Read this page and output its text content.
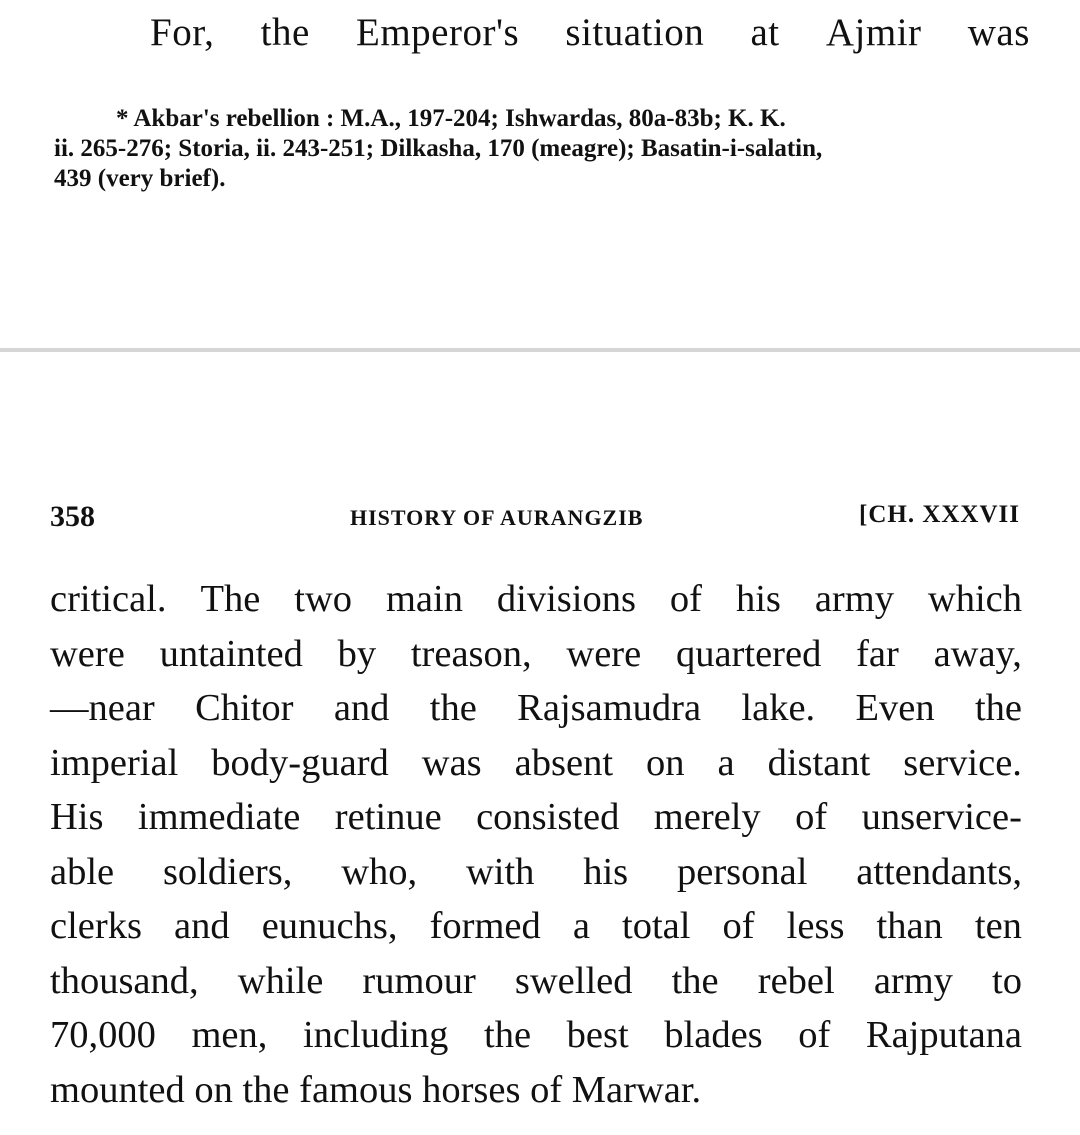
For, the Emperor's situation at Ajmir was
* Akbar's rebellion : M.A., 197-204; Ishwardas, 80a-83b; K. K.
ii. 265-276; Storia, ii. 243-251; Dilkasha, 170 (meagre); Basatin-i-salatin,
439 (very brief).
358	HISTORY OF AURANGZIB	[CH. XXXVII
critical. The two main divisions of his army which
were untainted by treason, were quartered far away,
—near Chitor and the Rajsamudra lake. Even the
imperial body-guard was absent on a distant service.
His immediate retinue consisted merely of unservice-
able soldiers, who, with his personal attendants,
clerks and eunuchs, formed a total of less than ten
thousand, while rumour swelled the rebel army to
70,000 men, including the best blades of Rajputana
mounted on the famous horses of Marwar.
